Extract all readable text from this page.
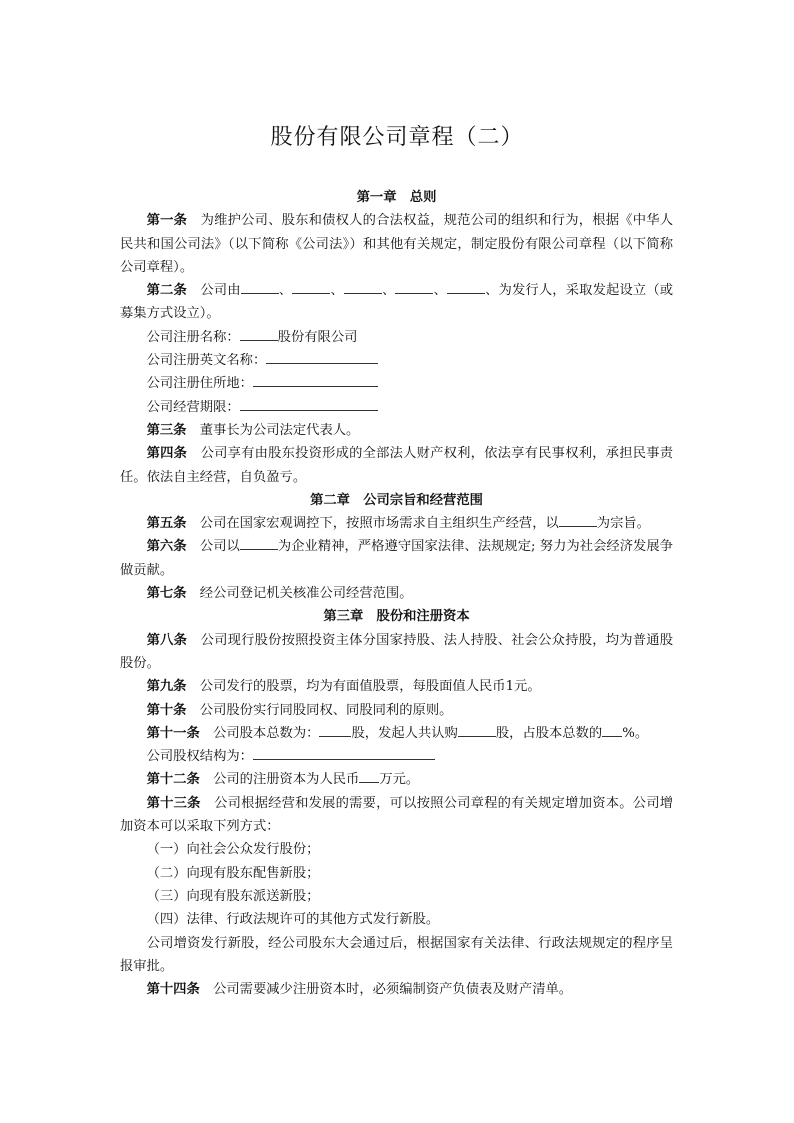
股份有限公司章程（二）
第一章　总则

第一条 为维护公司、股东和债权人的合法权益，规范公司的组织和行为，根据《中华人民共和国公司法》（以下简称《公司法》）和其他有关规定，制定股份有限公司章程（以下简称公司章程）。

第二条 公司由	、	、	、	、	、为发行人，采取发起设立（或募集方式设立）。

公司注册名称：	股份有限公司

公司注册英文名称：

公司注册住所地：

公司经营期限：

第三条 董事长为公司法定代表人。

第四条 公司享有由股东投资形成的全部法人财产权利，依法享有民事权利，承担民事责任。依法自主经营，自负盈亏。

第二章　公司宗旨和经营范围

第五条 公司在国家宏观调控下，按照市场需求自主组织生产经营，以	为宗旨。

第六条 公司以	为企业精神，严格遵守国家法律、法规规定; 努力为社会经济发展争做贡献。

第七条 经公司登记机关核准公司经营范围。

第三章　股份和注册资本

第八条 公司现行股份按照投资主体分国家持股、法人持股、社会公众持股，均为普通股股份。

第九条 公司发行的股票，均为有面值股票，每股面值人民币1元。

第十条 公司股份实行同股同权、同股同利的原则。

第十一条 公司股本总数为： 股，发起人共认购	股，占股本总数的 %。

公司股权结构为：

第十二条 公司的注册资本为人民币 万元。

第十三条 公司根据经营和发展的需要，可以按照公司章程的有关规定增加资本。公司增加资本可以采取下列方式：

（一）向社会公众发行股份；

（二）向现有股东配售新股；

（三）向现有股东派送新股；

（四）法律、行政法规许可的其他方式发行新股。

公司增资发行新股，经公司股东大会通过后，根据国家有关法律、行政法规规定的程序呈报审批。

第十四条 公司需要减少注册资本时，必须编制资产负债表及财产清单。
